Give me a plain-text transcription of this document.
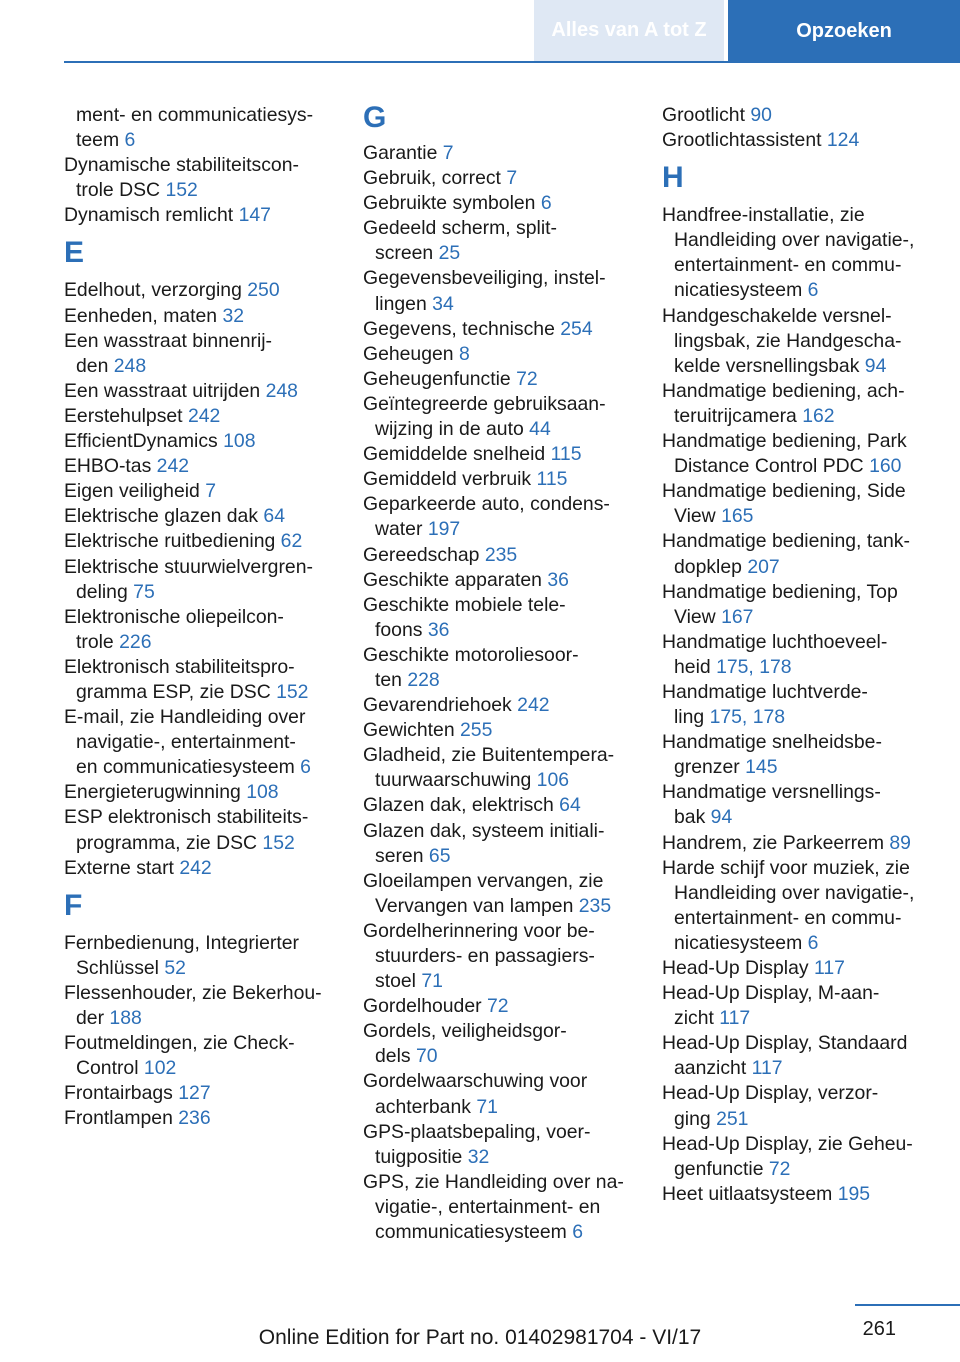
Alles van A tot Z	Opzoeken
ment- en communicatiesys-
teem 6
Dynamische stabiliteitscon-
trole DSC 152
Dynamisch remlicht 147
E
Edelhout, verzorging 250
Eenheden, maten 32
Een wasstraat binnenrij-
den 248
Een wasstraat uitrijden 248
Eerstehulpset 242
EfficientDynamics 108
EHBO-tas 242
Eigen veiligheid 7
Elektrische glazen dak 64
Elektrische ruitbediening 62
Elektrische stuurwielvergren-
deling 75
Elektronische oliepeilcon-
trole 226
Elektronisch stabiliteitspro-
gramma ESP, zie DSC 152
E-mail, zie Handleiding over
navigatie-, entertainment-
en communicatiesysteem 6
Energieterugwinning 108
ESP elektronisch stabiliteits-
programma, zie DSC 152
Externe start 242
F
Fernbedienung, Integrierter
Schlüssel 52
Flessenhouder, zie Bekerhou-
der 188
Foutmeldingen, zie Check-
Control 102
Frontairbags 127
Frontlampen 236
G
Garantie 7
Gebruik, correct 7
Gebruikte symbolen 6
Gedeeld scherm, split-
screen 25
Gegevensbeveiliging, instel-
lingen 34
Gegevens, technische 254
Geheugen 8
Geheugenfunctie 72
Geïntegreerde gebruiksaan-
wijzing in de auto 44
Gemiddelde snelheid 115
Gemiddeld verbruik 115
Geparkeerde auto, condens-
water 197
Gereedschap 235
Geschikte apparaten 36
Geschikte mobiele tele-
foons 36
Geschikte motoroliesoor-
ten 228
Gevarendriehoek 242
Gewichten 255
Gladheid, zie Buitentempera-
tuurwaarschuwing 106
Glazen dak, elektrisch 64
Glazen dak, systeem initiali-
seren 65
Gloeilampen vervangen, zie
Vervangen van lampen 235
Gordelherinnering voor be-
stuurders- en passagiers-
stoel 71
Gordelhouder 72
Gordels, veiligheidsgor-
dels 70
Gordelwaarschuwing voor
achterbank 71
GPS-plaatsbepaling, voer-
tuigpositie 32
GPS, zie Handleiding over na-
vigatie-, entertainment- en
communicatiesysteem 6
Grootlicht 90
Grootlichtassistent 124
H
Handfree-installatie, zie
Handleiding over navigatie-,
entertainment- en commu-
nicatiesysteem 6
Handgeschakelde versnel-
lingsbak, zie Handgescha-
kelde versnellingsbak 94
Handmatige bediening, ach-
teruitrijcamera 162
Handmatige bediening, Park
Distance Control PDC 160
Handmatige bediening, Side
View 165
Handmatige bediening, tank-
dopklep 207
Handmatige bediening, Top
View 167
Handmatige luchthoeveel-
heid 175, 178
Handmatige luchtverde-
ling 175, 178
Handmatige snelheidsbe-
grenzer 145
Handmatige versnellings-
bak 94
Handrem, zie Parkeerrem 89
Harde schijf voor muziek, zie
Handleiding over navigatie-,
entertainment- en commu-
nicatiesysteem 6
Head-Up Display 117
Head-Up Display, M-aan-
zicht 117
Head-Up Display, Standaard
aanzicht 117
Head-Up Display, verzor-
ging 251
Head-Up Display, zie Geheu-
genfunctie 72
Heet uitlaatsysteem 195
261
Online Edition for Part no. 01402981704 - VI/17
